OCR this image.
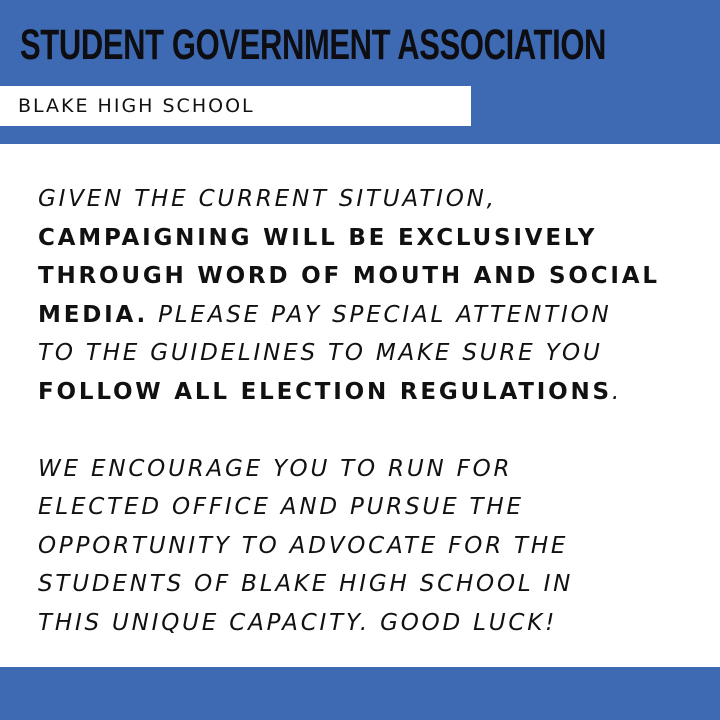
STUDENT GOVERNMENT ASSOCIATION
BLAKE HIGH SCHOOL

GIVEN THE CURRENT SITUATION,
CAMPAIGNING WILL BE EXCLUSIVELY
THROUGH WORD OF MOUTH AND SOCIAL
MEDIA. PLEASE PAY SPECIAL ATTENTION
TO THE GUIDELINES TO MAKE SURE YOU
FOLLOW ALL ELECTION REGULATIONS.

WE ENCOURAGE YOU TO RUN FOR
ELECTED OFFICE AND PURSUE THE
OPPORTUNITY TO ADVOCATE FOR THE
STUDENTS OF BLAKE HIGH SCHOOL IN
THIS UNIQUE CAPACITY. GOOD LUCK!
